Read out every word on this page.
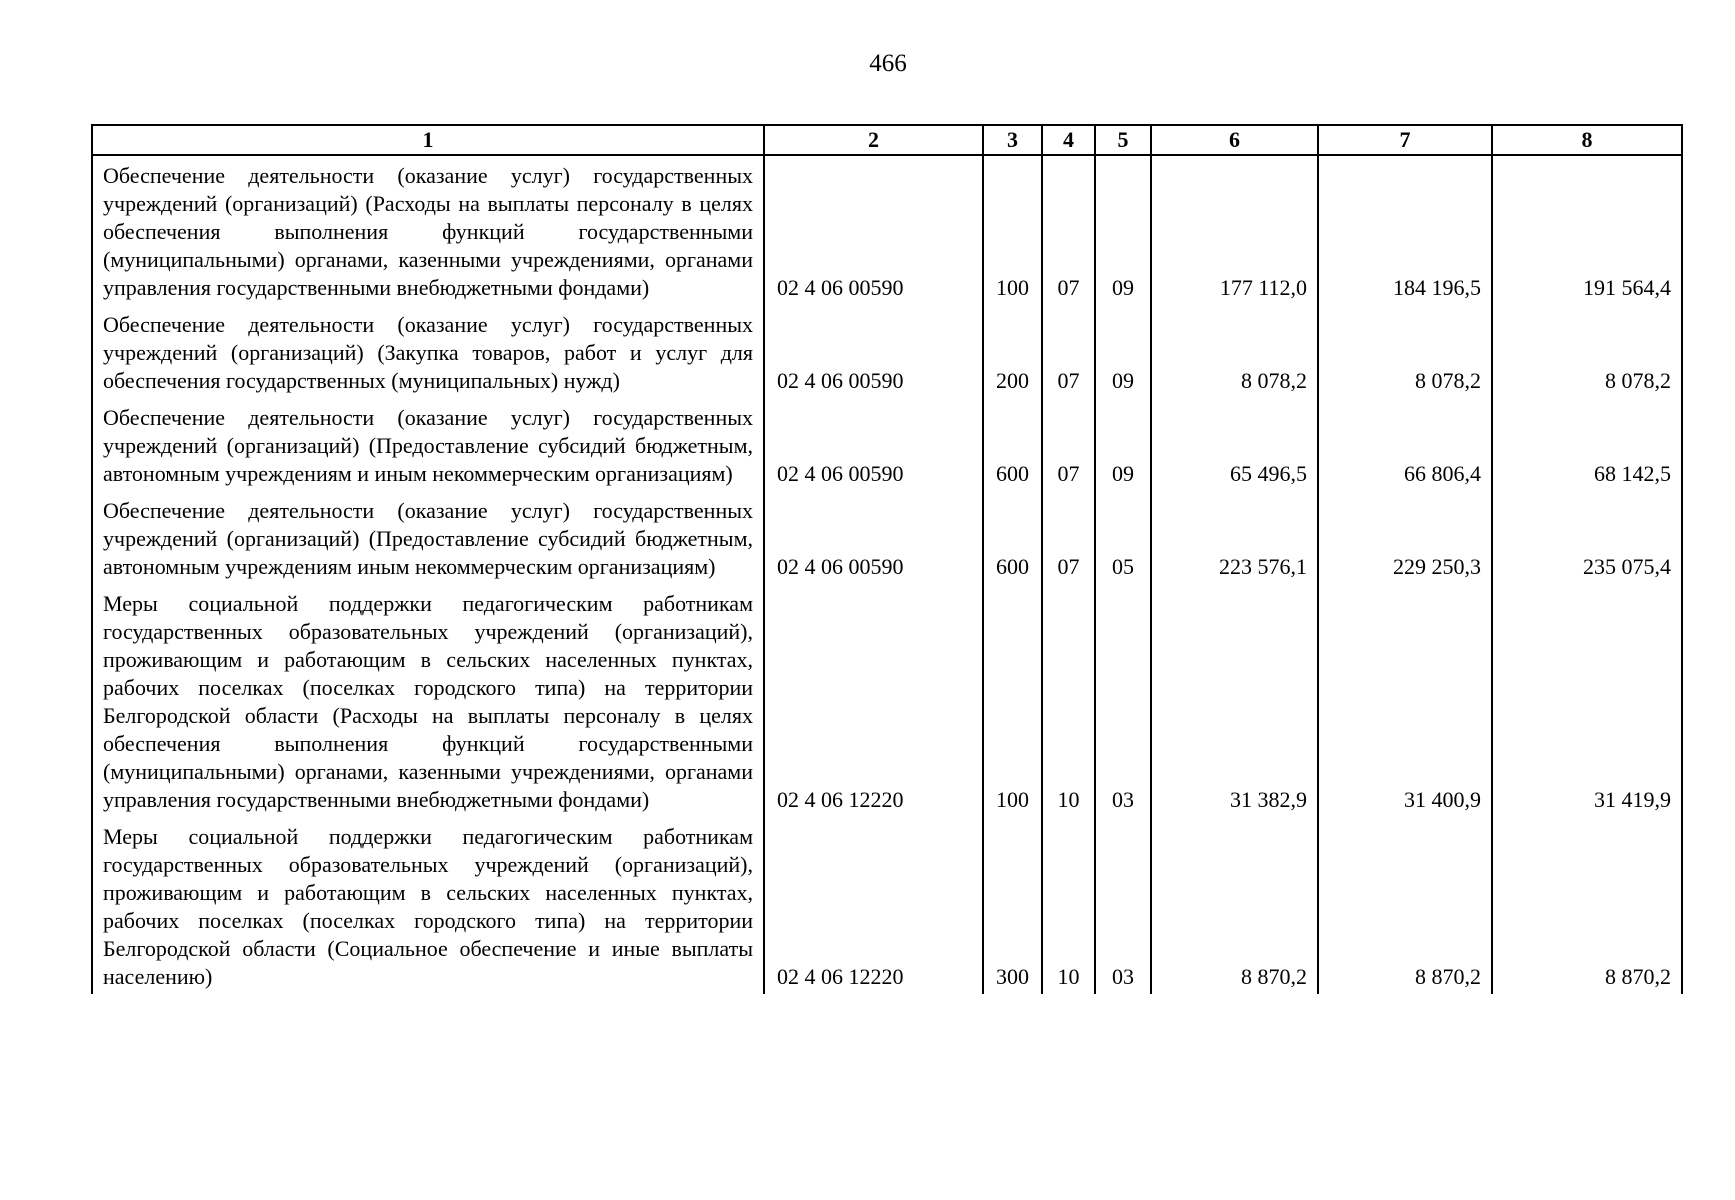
466
1	2	3	4	5	6	7	8
Обеспечение деятельности (оказание услуг) государственных учреждений (организаций) (Расходы на выплаты персоналу в целях обеспечения выполнения функций государственными (муниципальными) органами, казенными учреждениями, органами управления государственными внебюджетными фондами)	02 4 06 00590	100	07	09	177 112,0	184 196,5	191 564,4
Обеспечение деятельности (оказание услуг) государственных учреждений (организаций) (Закупка товаров, работ и услуг для обеспечения государственных (муниципальных) нужд)	02 4 06 00590	200	07	09	8 078,2	8 078,2	8 078,2
Обеспечение деятельности (оказание услуг) государственных учреждений (организаций) (Предоставление субсидий бюджетным, автономным учреждениям и иным некоммерческим организациям)	02 4 06 00590	600	07	09	65 496,5	66 806,4	68 142,5
Обеспечение деятельности (оказание услуг) государственных учреждений (организаций) (Предоставление субсидий бюджетным, автономным учреждениям иным некоммерческим организациям)	02 4 06 00590	600	07	05	223 576,1	229 250,3	235 075,4
Меры социальной поддержки педагогическим работникам государственных образовательных учреждений (организаций), проживающим и работающим в сельских населенных пунктах, рабочих поселках (поселках городского типа) на территории Белгородской области (Расходы на выплаты персоналу в целях обеспечения выполнения функций государственными (муниципальными) органами, казенными учреждениями, органами управления государственными внебюджетными фондами)	02 4 06 12220	100	10	03	31 382,9	31 400,9	31 419,9
Меры социальной поддержки педагогическим работникам государственных образовательных учреждений (организаций), проживающим и работающим в сельских населенных пунктах, рабочих поселках (поселках городского типа) на территории Белгородской области (Социальное обеспечение и иные выплаты населению)	02 4 06 12220	300	10	03	8 870,2	8 870,2	8 870,2
